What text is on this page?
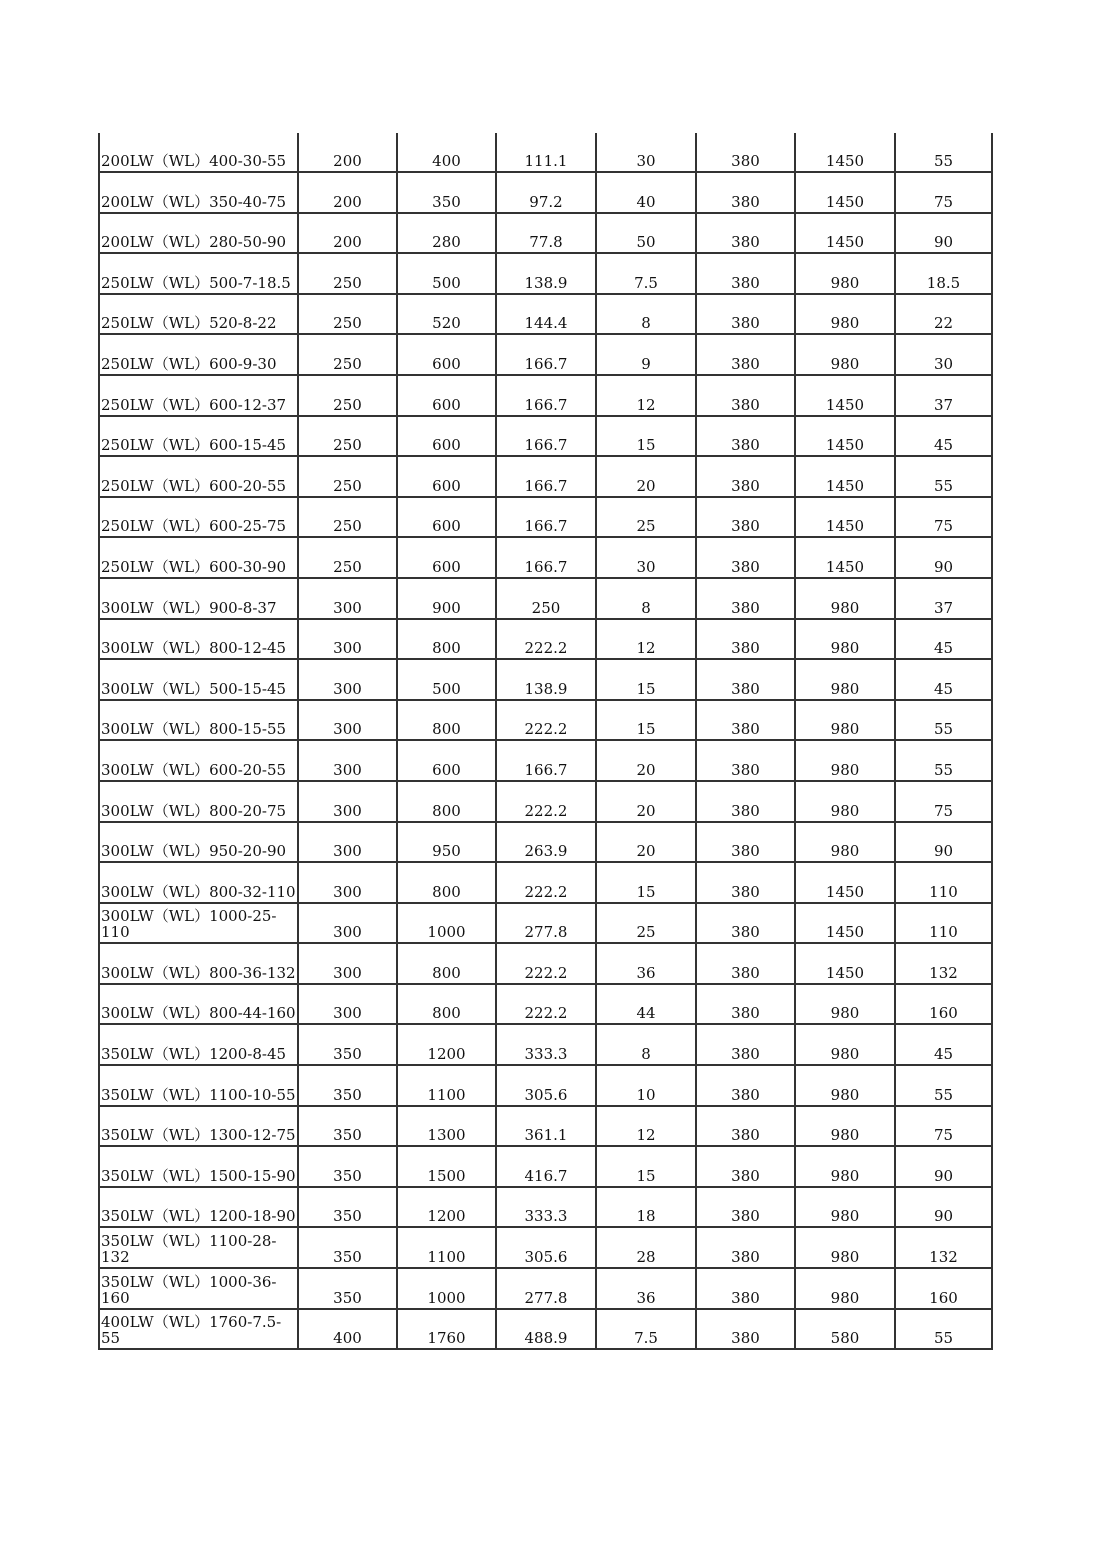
200LW（WL）400-30-55	200	400	111.1	30	380	1450	55
200LW（WL）350-40-75	200	350	97.2	40	380	1450	75
200LW（WL）280-50-90	200	280	77.8	50	380	1450	90
250LW（WL）500-7-18.5	250	500	138.9	7.5	380	980	18.5
250LW（WL）520-8-22	250	520	144.4	8	380	980	22
250LW（WL）600-9-30	250	600	166.7	9	380	980	30
250LW（WL）600-12-37	250	600	166.7	12	380	1450	37
250LW（WL）600-15-45	250	600	166.7	15	380	1450	45
250LW（WL）600-20-55	250	600	166.7	20	380	1450	55
250LW（WL）600-25-75	250	600	166.7	25	380	1450	75
250LW（WL）600-30-90	250	600	166.7	30	380	1450	90
300LW（WL）900-8-37	300	900	250	8	380	980	37
300LW（WL）800-12-45	300	800	222.2	12	380	980	45
300LW（WL）500-15-45	300	500	138.9	15	380	980	45
300LW（WL）800-15-55	300	800	222.2	15	380	980	55
300LW（WL）600-20-55	300	600	166.7	20	380	980	55
300LW（WL）800-20-75	300	800	222.2	20	380	980	75
300LW（WL）950-20-90	300	950	263.9	20	380	980	90
300LW（WL）800-32-110	300	800	222.2	15	380	1450	110
300LW（WL）1000-25-110	300	1000	277.8	25	380	1450	110
300LW（WL）800-36-132	300	800	222.2	36	380	1450	132
300LW（WL）800-44-160	300	800	222.2	44	380	980	160
350LW（WL）1200-8-45	350	1200	333.3	8	380	980	45
350LW（WL）1100-10-55	350	1100	305.6	10	380	980	55
350LW（WL）1300-12-75	350	1300	361.1	12	380	980	75
350LW（WL）1500-15-90	350	1500	416.7	15	380	980	90
350LW（WL）1200-18-90	350	1200	333.3	18	380	980	90
350LW（WL）1100-28-132	350	1100	305.6	28	380	980	132
350LW（WL）1000-36-160	350	1000	277.8	36	380	980	160
400LW（WL）1760-7.5-55	400	1760	488.9	7.5	380	580	55
